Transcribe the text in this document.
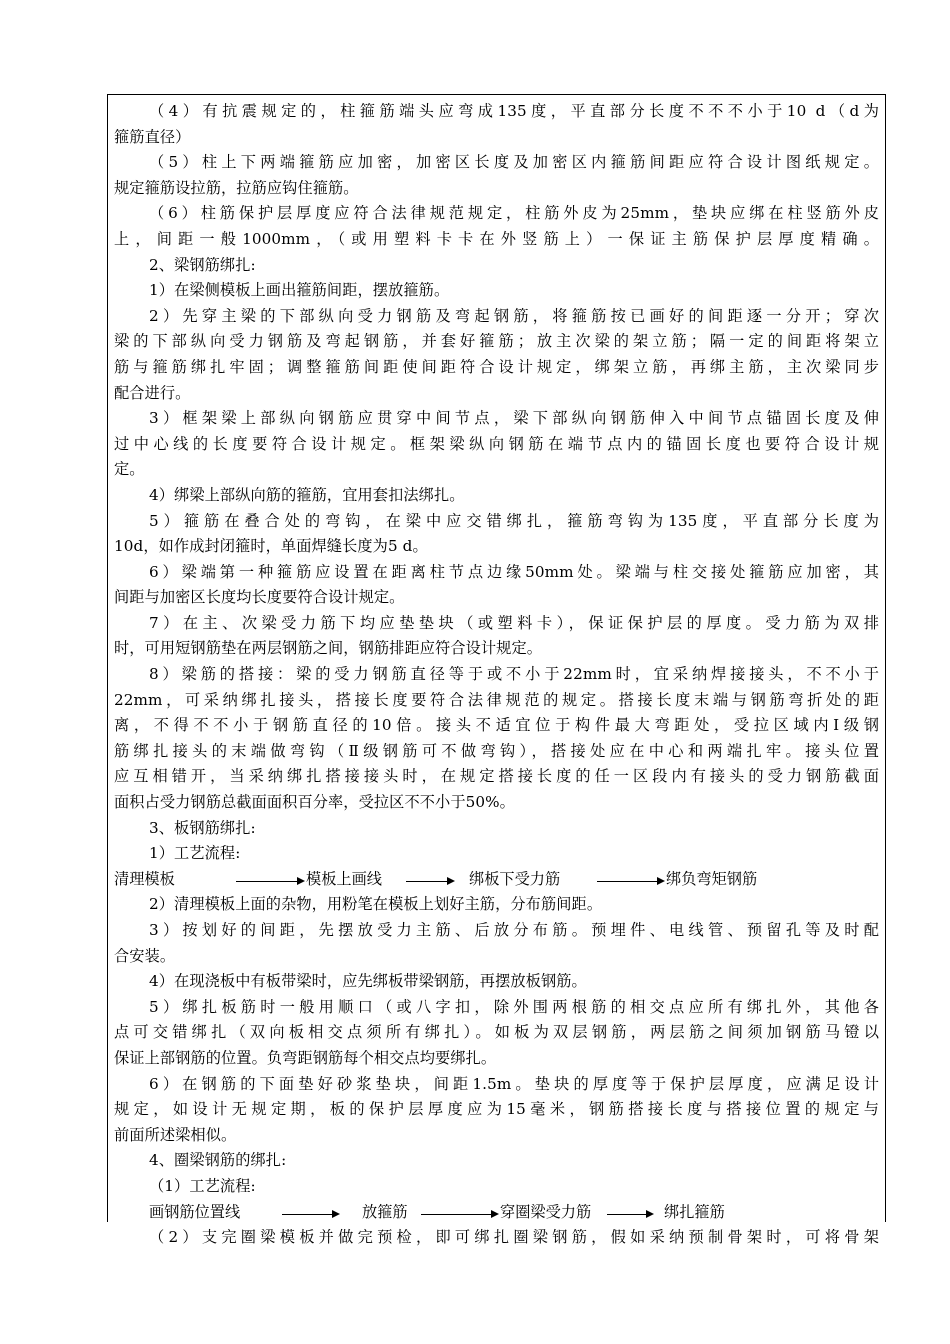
（4）有抗震规定的，柱箍筋端头应弯成135度，平直部分长度不不不小于10 d（d为
箍筋直径）
（5）柱上下两端箍筋应加密，加密区长度及加密区内箍筋间距应符合设计图纸规定。
规定箍筋设拉筋，拉筋应钩住箍筋。
（6）柱筋保护层厚度应符合法律规范规定，柱筋外皮为25mm，垫块应绑在柱竖筋外皮
上，间距一般1000mm，（或用塑料卡卡在外竖筋上）一保证主筋保护层厚度精确。
2、梁钢筋绑扎:
1）在梁侧模板上画出箍筋间距，摆放箍筋。
2）先穿主梁的下部纵向受力钢筋及弯起钢筋，将箍筋按已画好的间距逐一分开；穿次
梁的下部纵向受力钢筋及弯起钢筋，并套好箍筋；放主次梁的架立筋；隔一定的间距将架立
筋与箍筋绑扎牢固；调整箍筋间距使间距符合设计规定，绑架立筋，再绑主筋，主次梁同步
配合进行。
3）框架梁上部纵向钢筋应贯穿中间节点，梁下部纵向钢筋伸入中间节点锚固长度及伸
过中心线的长度要符合设计规定。框架梁纵向钢筋在端节点内的锚固长度也要符合设计规
定。
4）绑梁上部纵向筋的箍筋，宜用套扣法绑扎。
5）箍筋在叠合处的弯钩，在梁中应交错绑扎，箍筋弯钩为135度，平直部分长度为
10d，如作成封闭箍时，单面焊缝长度为5 d。
6）梁端第一种箍筋应设置在距离柱节点边缘50mm处。梁端与柱交接处箍筋应加密，其
间距与加密区长度均长度要符合设计规定。
7）在主、次梁受力筋下均应垫垫块（或塑料卡），保证保护层的厚度。受力筋为双排
时，可用短钢筋垫在两层钢筋之间，钢筋排距应符合设计规定。
8）梁筋的搭接：梁的受力钢筋直径等于或不小于22mm时，宜采纳焊接接头，不不小于
22mm，可采纳绑扎接头，搭接长度要符合法律规范的规定。搭接长度末端与钢筋弯折处的距
离，不得不不小于钢筋直径的10倍。接头不适宜位于构件最大弯距处，受拉区域内Ⅰ级钢
筋绑扎接头的末端做弯钩（Ⅱ级钢筋可不做弯钩），搭接处应在中心和两端扎牢。接头位置
应互相错开，当采纳绑扎搭接接头时，在规定搭接长度的任一区段内有接头的受力钢筋截面
面积占受力钢筋总截面面积百分率，受拉区不不小于50%。
3、板钢筋绑扎:
1）工艺流程:
清理模板	模板上画线	绑板下受力筋	绑负弯矩钢筋
2）清理模板上面的杂物，用粉笔在模板上划好主筋，分布筋间距。
3）按划好的间距，先摆放受力主筋、后放分布筋。预埋件、电线管、预留孔等及时配
合安装。
4）在现浇板中有板带梁时，应先绑板带梁钢筋，再摆放板钢筋。
5）绑扎板筋时一般用顺口（或八字扣，除外围两根筋的相交点应所有绑扎外，其他各
点可交错绑扎（双向板相交点须所有绑扎）。如板为双层钢筋，两层筋之间须加钢筋马镫以
保证上部钢筋的位置。负弯距钢筋每个相交点均要绑扎。
6）在钢筋的下面垫好砂浆垫块，间距1.5m。垫块的厚度等于保护层厚度，应满足设计
规定，如设计无规定期，板的保护层厚度应为15毫米，钢筋搭接长度与搭接位置的规定与
前面所述梁相似。
4、圈梁钢筋的绑扎:
（1）工艺流程:
画钢筋位置线	放箍筋	穿圈梁受力筋	绑扎箍筋
（2）支完圈梁模板并做完预检，即可绑扎圈梁钢筋，假如采纳预制骨架时，可将骨架
